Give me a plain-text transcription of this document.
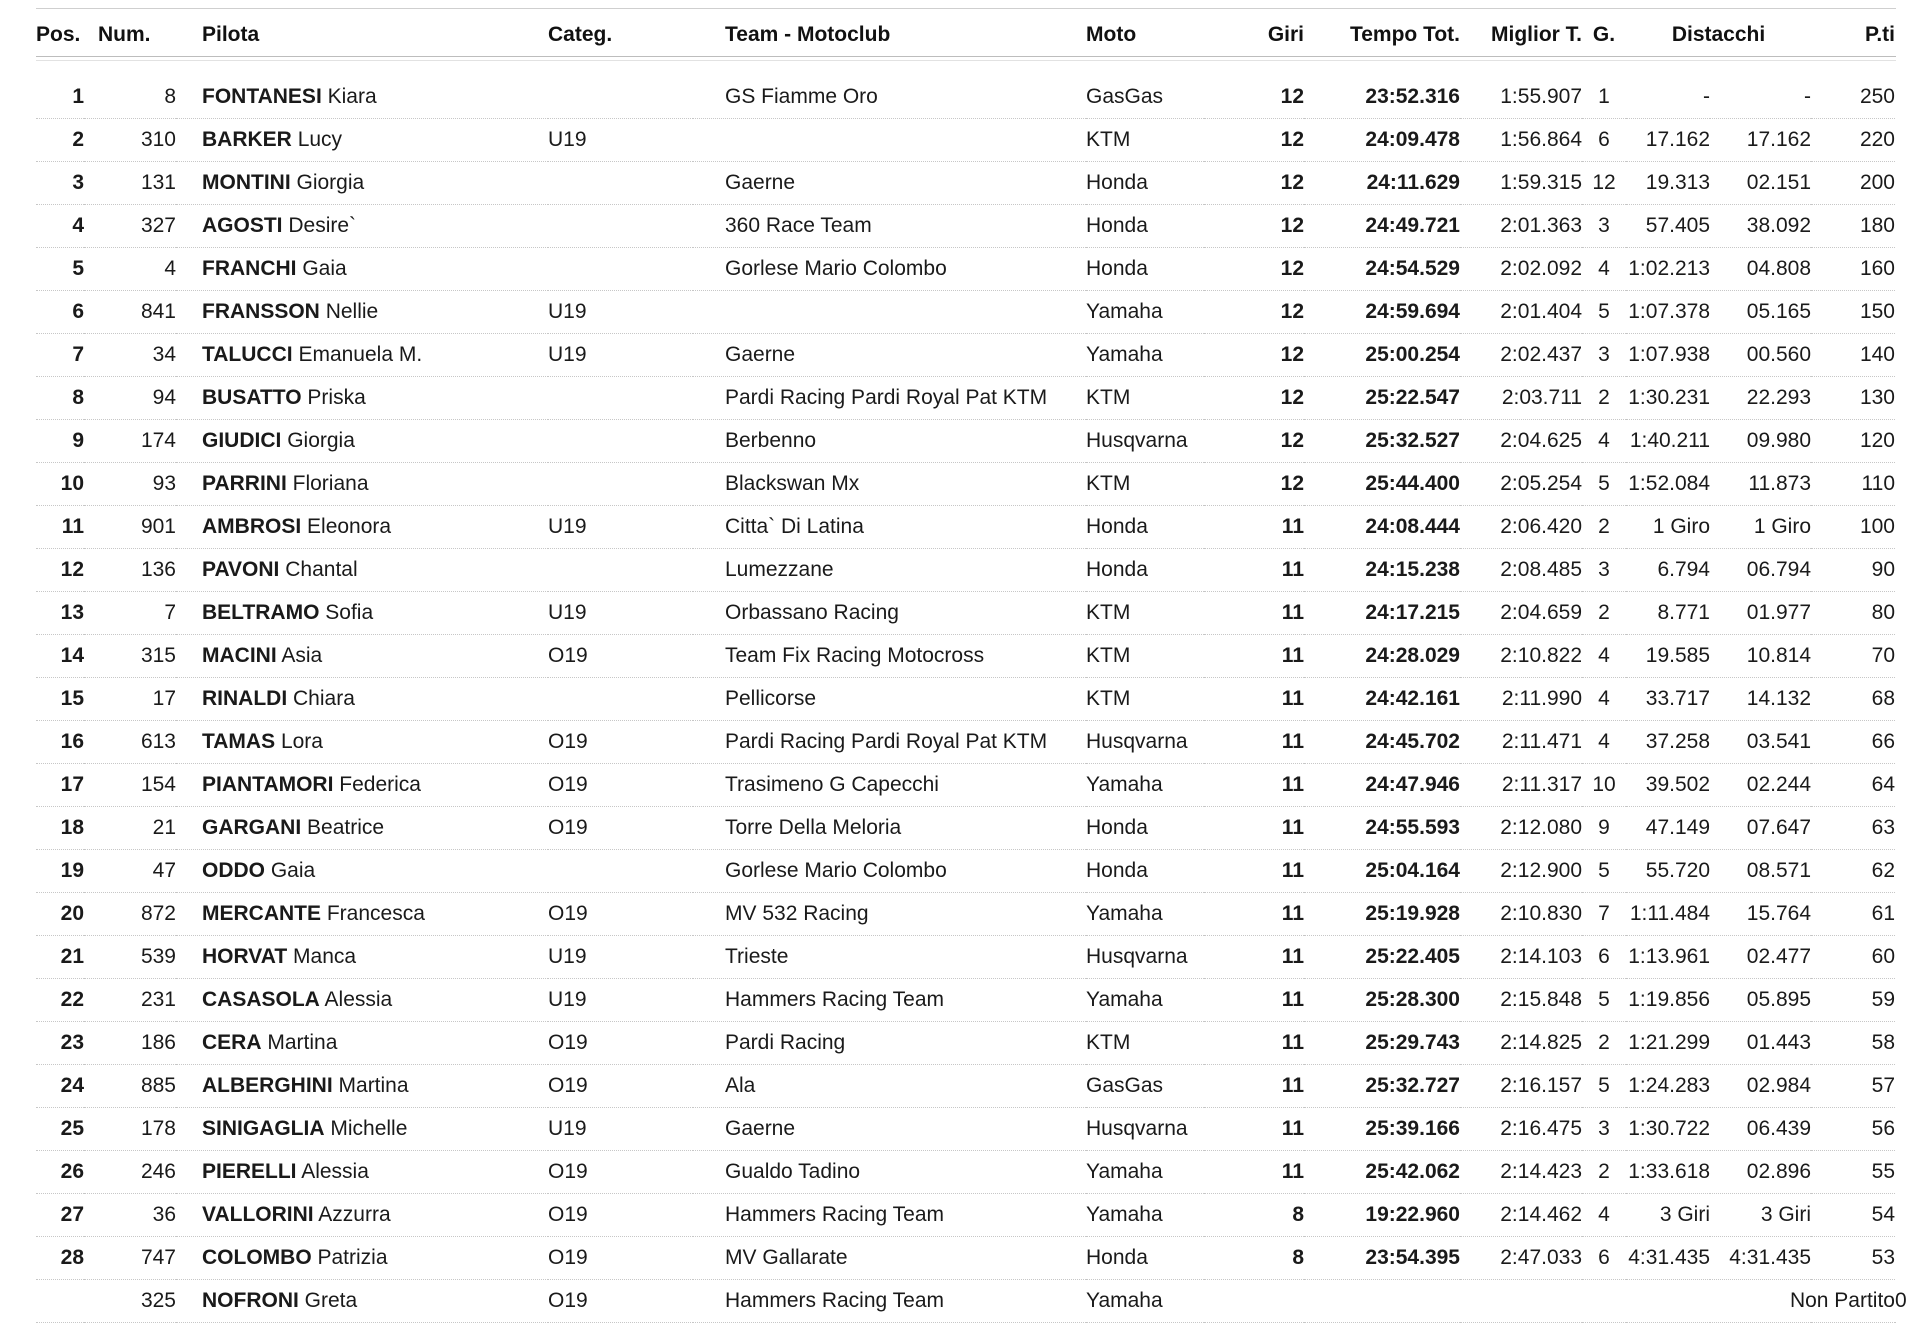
Pos.	Num.	Pilota	Categ.	Team - Motoclub	Moto	Giri	Tempo Tot.	Miglior T.	G.	Distacchi		P.ti	

1	8	FONTANESI Kiara		GS Fiamme Oro	GasGas	12	23:52.316	1:55.907	1	-	-	250	
2	310	BARKER Lucy	U19		KTM	12	24:09.478	1:56.864	6	17.162	17.162	220	
3	131	MONTINI Giorgia		Gaerne	Honda	12	24:11.629	1:59.315	12	19.313	02.151	200	
4	327	AGOSTI Desire`		360 Race Team	Honda	12	24:49.721	2:01.363	3	57.405	38.092	180	
5	4	FRANCHI Gaia		Gorlese Mario Colombo	Honda	12	24:54.529	2:02.092	4	1:02.213	04.808	160	
6	841	FRANSSON Nellie	U19		Yamaha	12	24:59.694	2:01.404	5	1:07.378	05.165	150	
7	34	TALUCCI Emanuela M.	U19	Gaerne	Yamaha	12	25:00.254	2:02.437	3	1:07.938	00.560	140	
8	94	BUSATTO Priska		Pardi Racing Pardi Royal Pat KTM	KTM	12	25:22.547	2:03.711	2	1:30.231	22.293	130	
9	174	GIUDICI Giorgia		Berbenno	Husqvarna	12	25:32.527	2:04.625	4	1:40.211	09.980	120	
10	93	PARRINI Floriana		Blackswan Mx	KTM	12	25:44.400	2:05.254	5	1:52.084	11.873	110	
11	901	AMBROSI Eleonora	U19	Citta` Di Latina	Honda	11	24:08.444	2:06.420	2	1 Giro	1 Giro	100	
12	136	PAVONI Chantal		Lumezzane	Honda	11	24:15.238	2:08.485	3	6.794	06.794	90	
13	7	BELTRAMO Sofia	U19	Orbassano Racing	KTM	11	24:17.215	2:04.659	2	8.771	01.977	80	
14	315	MACINI Asia	O19	Team Fix Racing Motocross	KTM	11	24:28.029	2:10.822	4	19.585	10.814	70	
15	17	RINALDI Chiara		Pellicorse	KTM	11	24:42.161	2:11.990	4	33.717	14.132	68	
16	613	TAMAS Lora	O19	Pardi Racing Pardi Royal Pat KTM	Husqvarna	11	24:45.702	2:11.471	4	37.258	03.541	66	
17	154	PIANTAMORI Federica	O19	Trasimeno G Capecchi	Yamaha	11	24:47.946	2:11.317	10	39.502	02.244	64	
18	21	GARGANI Beatrice	O19	Torre Della Meloria	Honda	11	24:55.593	2:12.080	9	47.149	07.647	63	
19	47	ODDO Gaia		Gorlese Mario Colombo	Honda	11	25:04.164	2:12.900	5	55.720	08.571	62	
20	872	MERCANTE Francesca	O19	MV 532 Racing	Yamaha	11	25:19.928	2:10.830	7	1:11.484	15.764	61	
21	539	HORVAT Manca	U19	Trieste	Husqvarna	11	25:22.405	2:14.103	6	1:13.961	02.477	60	
22	231	CASASOLA Alessia	U19	Hammers Racing Team	Yamaha	11	25:28.300	2:15.848	5	1:19.856	05.895	59	
23	186	CERA Martina	O19	Pardi Racing	KTM	11	25:29.743	2:14.825	2	1:21.299	01.443	58	
24	885	ALBERGHINI Martina	O19	Ala	GasGas	11	25:32.727	2:16.157	5	1:24.283	02.984	57	
25	178	SINIGAGLIA Michelle	U19	Gaerne	Husqvarna	11	25:39.166	2:16.475	3	1:30.722	06.439	56	
26	246	PIERELLI Alessia	O19	Gualdo Tadino	Yamaha	11	25:42.062	2:14.423	2	1:33.618	02.896	55	
27	36	VALLORINI Azzurra	O19	Hammers Racing Team	Yamaha	8	19:22.960	2:14.462	4	3 Giri	3 Giri	54	
28	747	COLOMBO Patrizia	O19	MV Gallarate	Honda	8	23:54.395	2:47.033	6	4:31.435	4:31.435	53	
	325	NOFRONI Greta	O19	Hammers Racing Team	Yamaha				Non Partito				0
